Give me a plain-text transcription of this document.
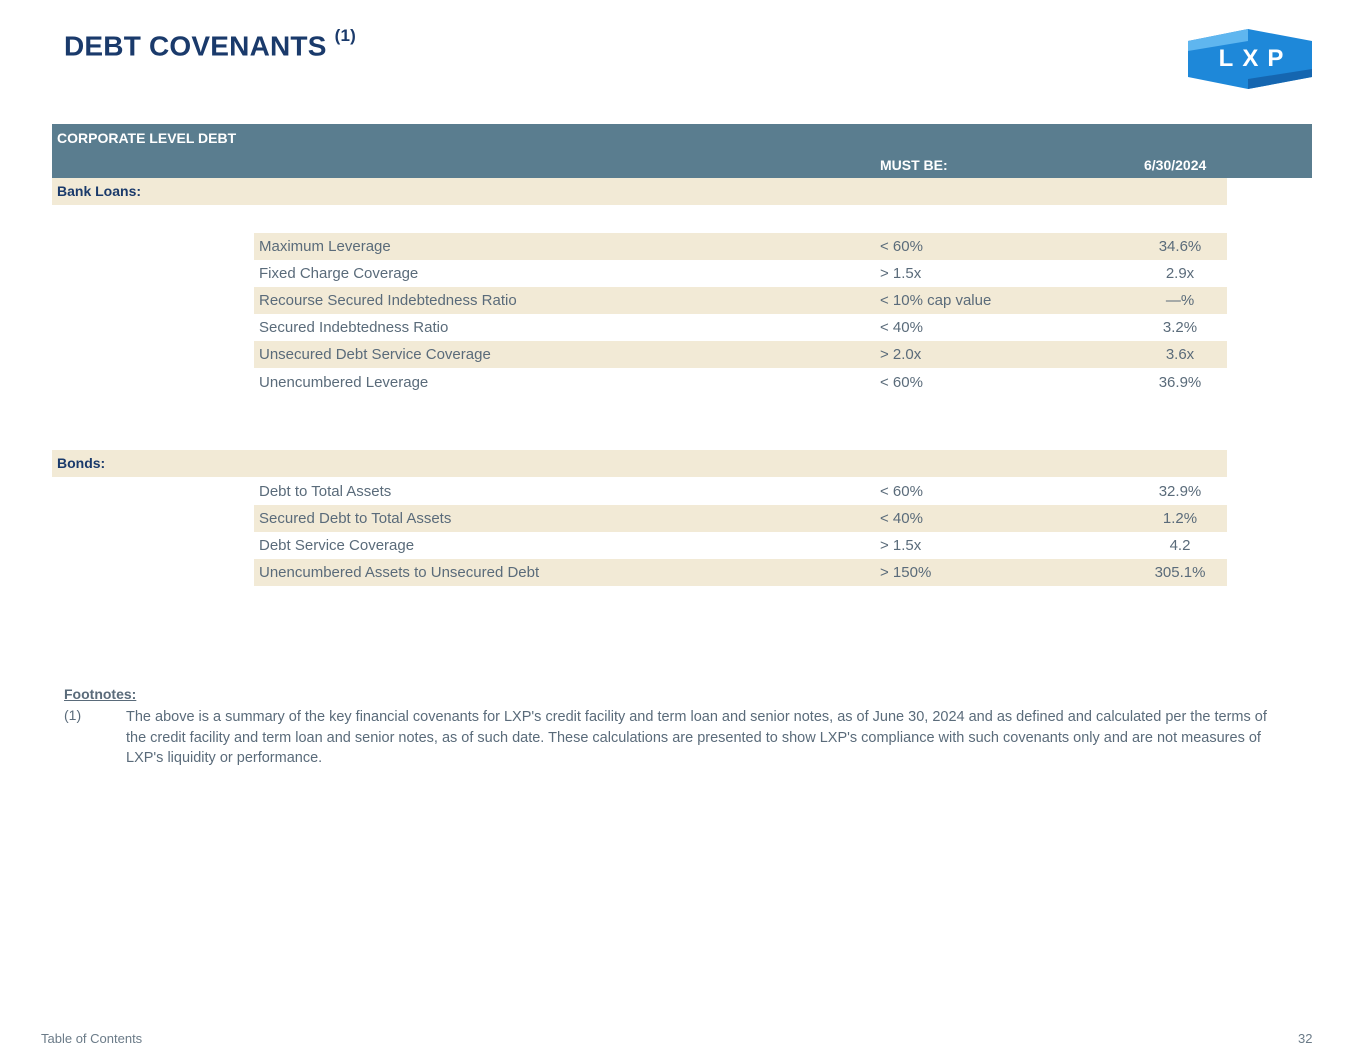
DEBT COVENANTS $^{(1)}$
LXP
CORPORATE LEVEL DEBT
MUST BE:	6/30/2024
Bank Loans:
Maximum Leverage	< 60%	34.6%
Fixed Charge Coverage	> 1.5x	2.9x
Recourse Secured Indebtedness Ratio	< 10% cap value	—%
Secured Indebtedness Ratio	< 40%	3.2%
Unsecured Debt Service Coverage	> 2.0x	3.6x
Unencumbered Leverage	< 60%	36.9%
Bonds:
Debt to Total Assets	< 60%	32.9%
Secured Debt to Total Assets	< 40%	1.2%
Debt Service Coverage	> 1.5x	4.2
Unencumbered Assets to Unsecured Debt	> 150%	305.1%
Footnotes:
(1)	The above is a summary of the key financial covenants for LXP's credit facility and term loan and senior notes, as of June 30, 2024 and as defined and calculated per the terms of the credit facility and term loan and senior notes, as of such date. These calculations are presented to show LXP's compliance with such covenants only and are not measures of LXP's liquidity or performance.
Table of Contents	32
